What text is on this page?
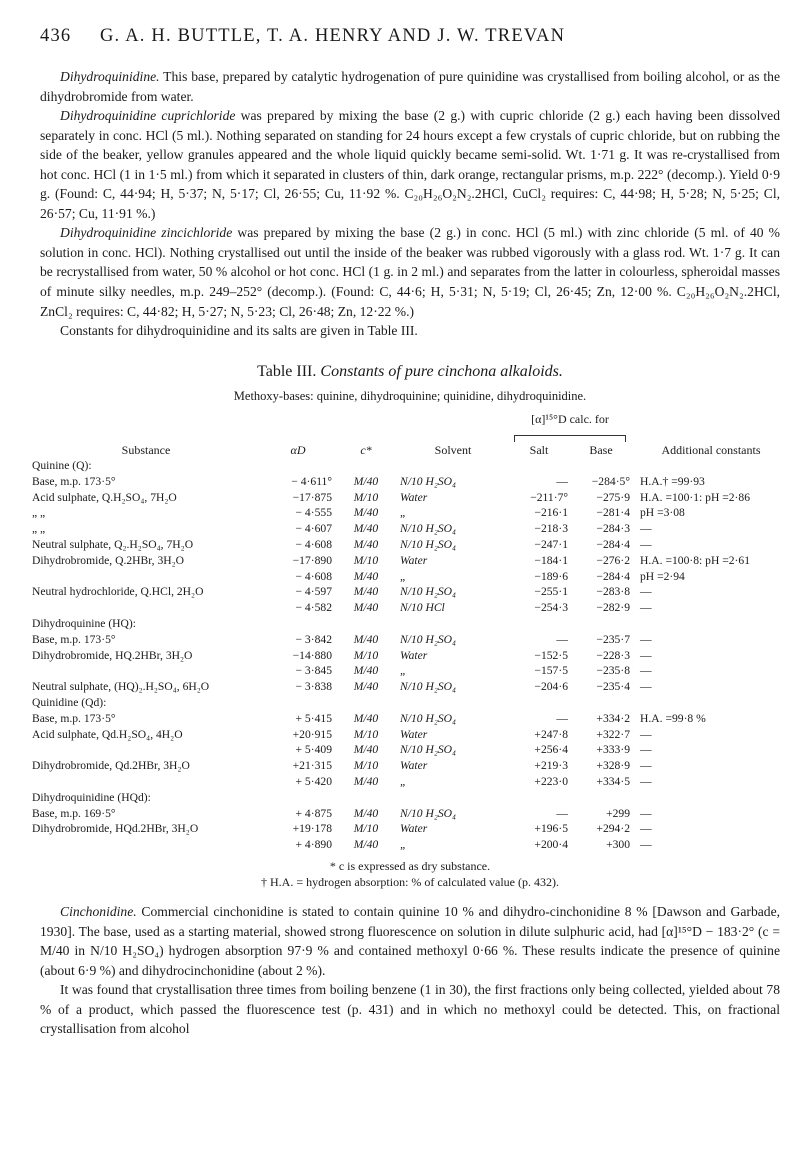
436	G. A. H. BUTTLE, T. A. HENRY AND J. W. TREVAN

Dihydroquinidine. This base, prepared by catalytic hydrogenation of pure quinidine was crystallised from boiling alcohol, or as the dihydrobromide from water.

Dihydroquinidine cuprichloride was prepared by mixing the base (2 g.) with cupric chloride (2 g.) each having been dissolved separately in conc. HCl (5 ml.). Nothing separated on standing for 24 hours except a few crystals of cupric chloride, but on rubbing the side of the beaker, yellow granules appeared and the whole liquid quickly became semi-solid. Wt. 1·71 g. It was re-crystallised from hot conc. HCl (1 in 1·5 ml.) from which it separated in clusters of thin, dark orange, rectangular prisms, m.p. 222° (decomp.). Yield 0·9 g. (Found: C, 44·94; H, 5·37; N, 5·17; Cl, 26·55; Cu, 11·92 %. C₂₀H₂₆O₂N₂.2HCl, CuCl₂ requires: C, 44·98; H, 5·28; N, 5·25; Cl, 26·57; Cu, 11·91 %.)

Dihydroquinidine zincichloride was prepared by mixing the base (2 g.) in conc. HCl (5 ml.) with zinc chloride (5 ml. of 40 % solution in conc. HCl). Nothing crystallised out until the inside of the beaker was rubbed vigorously with a glass rod. Wt. 1·7 g. It can be recrystallised from water, 50 % alcohol or hot conc. HCl (1 g. in 2 ml.) and separates from the latter in colourless, spheroidal masses of minute silky needles, m.p. 249–252° (decomp.). (Found: C, 44·6; H, 5·31; N, 5·19; Cl, 26·45; Zn, 12·00 %. C₂₀H₂₆O₂N₂.2HCl, ZnCl₂ requires: C, 44·82; H, 5·27; N, 5·23; Cl, 26·48; Zn, 12·22 %.)

Constants for dihydroquinidine and its salts are given in Table III.

Table III. Constants of pure cinchona alkaloids.
Methoxy-bases: quinine, dihydroquinine; quinidine, dihydroquinidine.
				[α]¹⁵°D calc. for		

Substance	αD	c*	Solvent	Salt	Base	Additional constants
Quinine (Q):						
Base, m.p. 173·5°	− 4·611°	M/40	N/10 H₂SO₄	—	−284·5°	H.A.† =99·93
Acid sulphate, Q.H₂SO₄, 7H₂O	−17·875	M/10	Water	−211·7°	−275·9	H.A. =100·1: pH =2·86
„ „	− 4·555	M/40	„	−216·1	−281·4	pH =3·08
„ „	− 4·607	M/40	N/10 H₂SO₄	−218·3	−284·3	—
Neutral sulphate, Q₂.H₂SO₄, 7H₂O	− 4·608	M/40	N/10 H₂SO₄	−247·1	−284·4	—
Dihydrobromide, Q.2HBr, 3H₂O	−17·890	M/10	Water	−184·1	−276·2	H.A. =100·8: pH =2·61
	− 4·608	M/40	„	−189·6	−284·4	pH =2·94
Neutral hydrochloride, Q.HCl, 2H₂O	− 4·597	M/40	N/10 H₂SO₄	−255·1	−283·8	—
	− 4·582	M/40	N/10 HCl	−254·3	−282·9	—
Dihydroquinine (HQ):						
Base, m.p. 173·5°	− 3·842	M/40	N/10 H₂SO₄	—	−235·7	—
Dihydrobromide, HQ.2HBr, 3H₂O	−14·880	M/10	Water	−152·5	−228·3	—
	− 3·845	M/40	„	−157·5	−235·8	—
Neutral sulphate, (HQ)₂.H₂SO₄, 6H₂O	− 3·838	M/40	N/10 H₂SO₄	−204·6	−235·4	—
Quinidine (Qd):						
Base, m.p. 173·5°	+ 5·415	M/40	N/10 H₂SO₄	—	+334·2	H.A. =99·8 %
Acid sulphate, Qd.H₂SO₄, 4H₂O	+20·915	M/10	Water	+247·8	+322·7	—
	+ 5·409	M/40	N/10 H₂SO₄	+256·4	+333·9	—
Dihydrobromide, Qd.2HBr, 3H₂O	+21·315	M/10	Water	+219·3	+328·9	—
	+ 5·420	M/40	„	+223·0	+334·5	—
Dihydroquinidine (HQd):						
Base, m.p. 169·5°	+ 4·875	M/40	N/10 H₂SO₄	—	+299	—
Dihydrobromide, HQd.2HBr, 3H₂O	+19·178	M/10	Water	+196·5	+294·2	—
	+ 4·890	M/40	„	+200·4	+300	—
* c is expressed as dry substance.
† H.A. = hydrogen absorption: % of calculated value (p. 432).

Cinchonidine. Commercial cinchonidine is stated to contain quinine 10 % and dihydro-cinchonidine 8 % [Dawson and Garbade, 1930]. The base, used as a starting material, showed strong fluorescence on solution in dilute sulphuric acid, had [α]¹⁵°D − 183·2° (c = M/40 in N/10 H₂SO₄) hydrogen absorption 97·9 % and contained methoxyl 0·66 %. These results indicate the presence of quinine (about 6·9 %) and dihydrocinchonidine (about 2 %).

It was found that crystallisation three times from boiling benzene (1 in 30), the first fractions only being collected, yielded about 78 % of a product, which passed the fluorescence test (p. 431) and in which no methoxyl could be detected. This, on fractional crystallisation from alcohol
